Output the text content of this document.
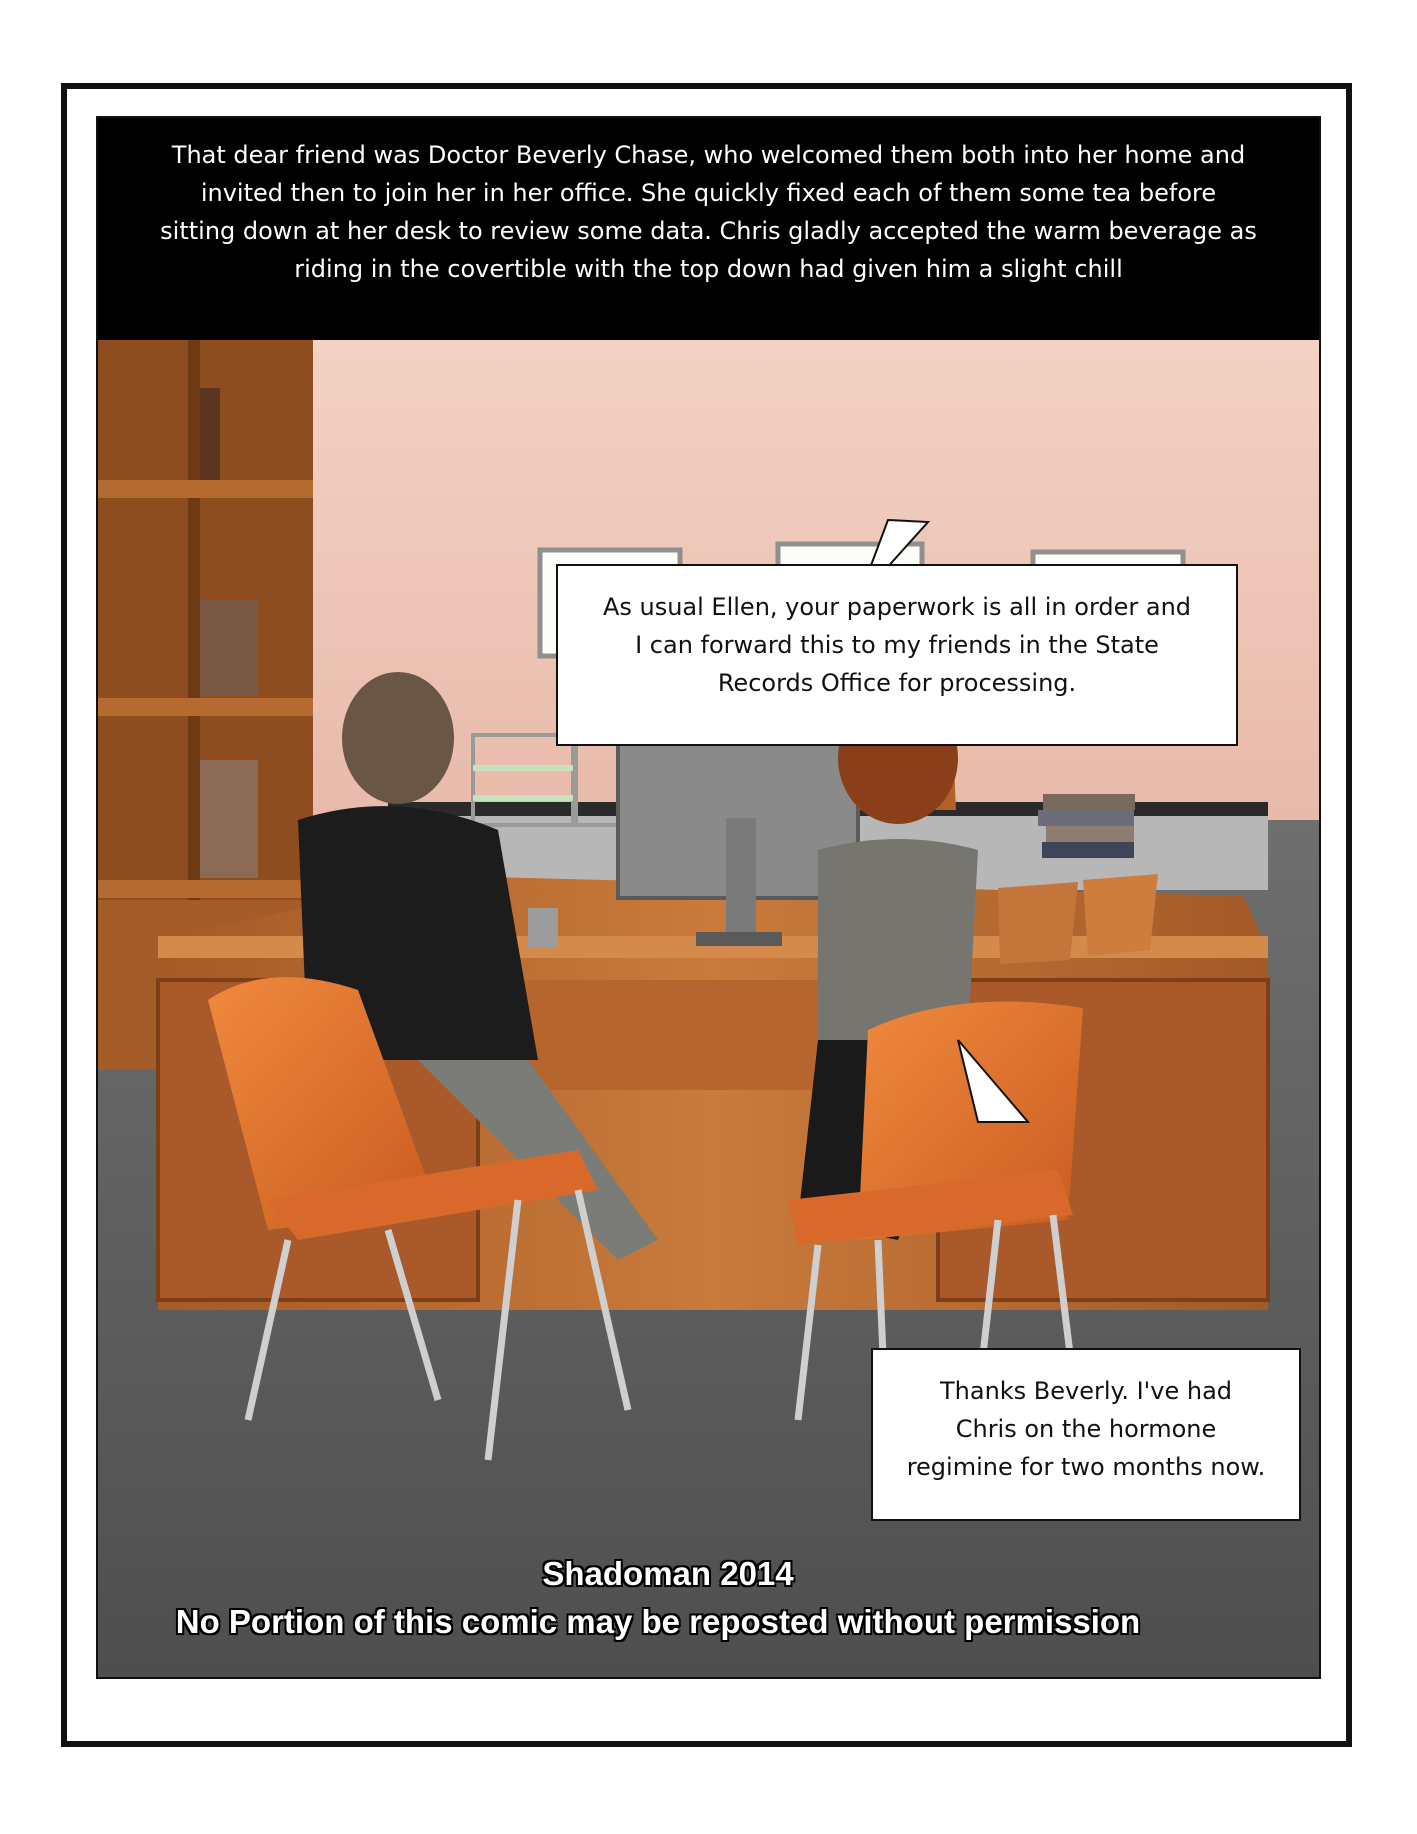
That dear friend was Doctor Beverly Chase, who welcomed them both into her home and
invited then to join her in her office. She quickly fixed each of them some tea before
sitting down at her desk to review some data. Chris gladly accepted the warm beverage as
riding in the covertible with the top down had given him a slight chill
As usual Ellen, your paperwork is all in order and
I can forward this to my friends in the State
Records Office for processing.
Thanks Beverly. I've had
Chris on the hormone
regimine for two months now.
Shadoman 2014
No Portion of this comic may be reposted without permission
